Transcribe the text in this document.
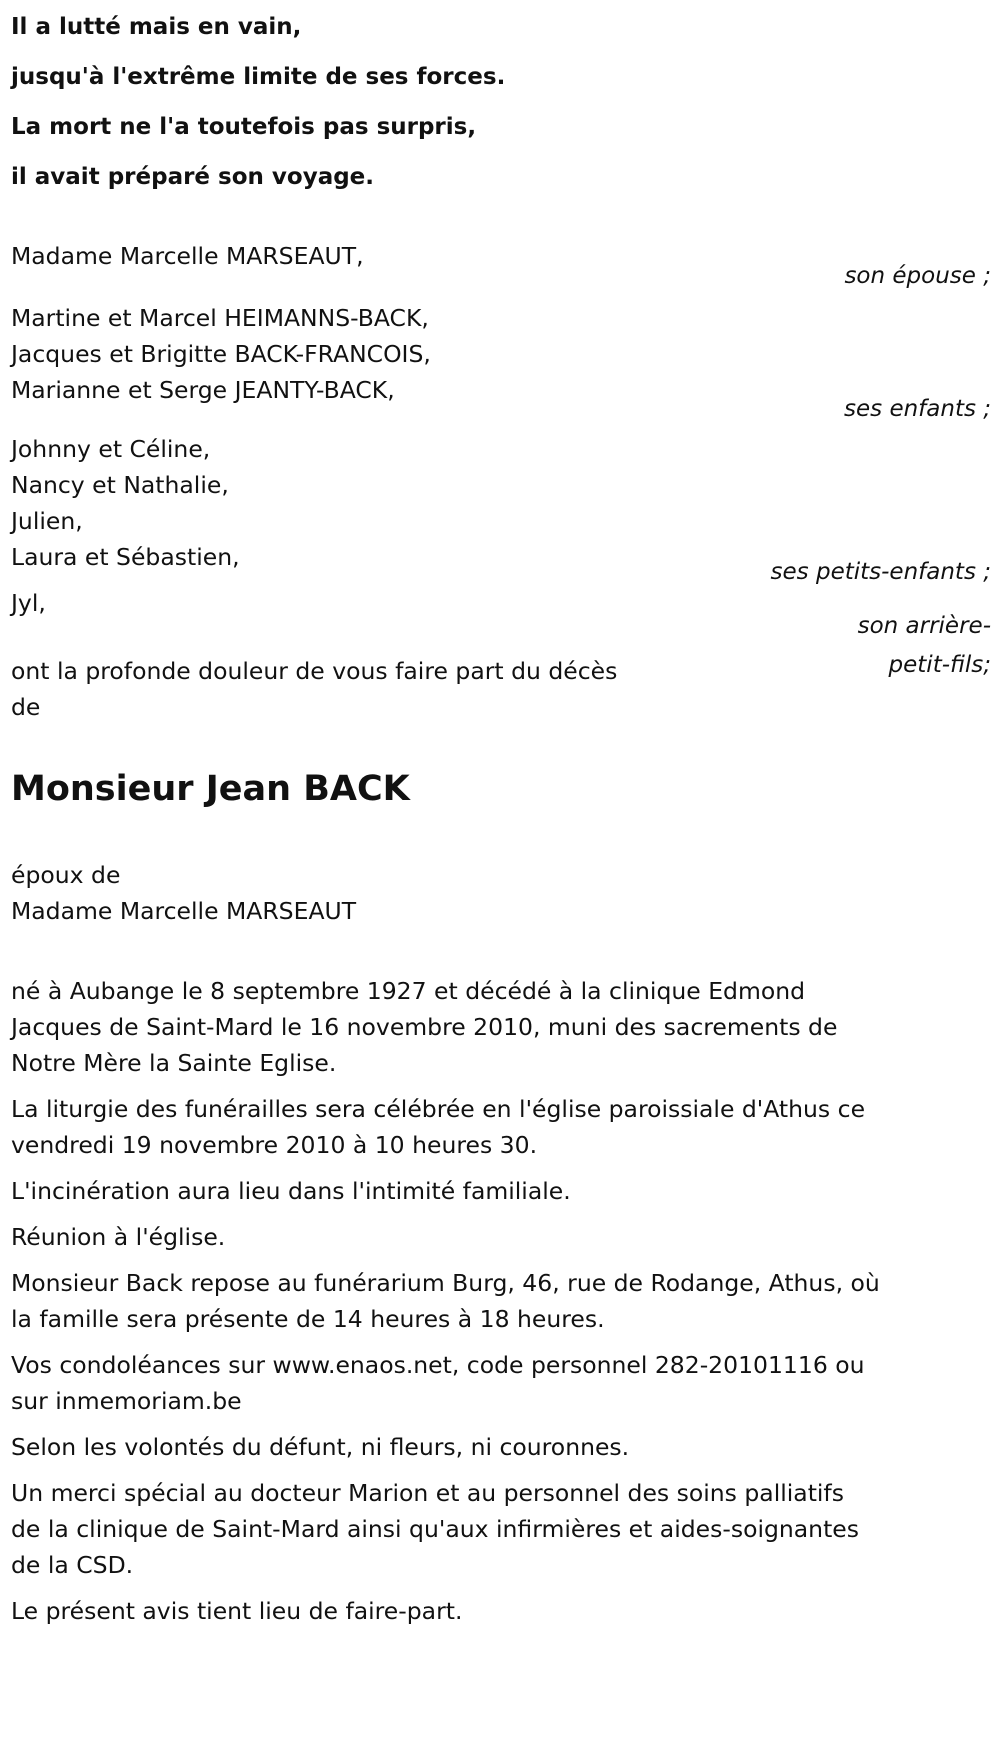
Il a lutté mais en vain,
jusqu'à l'extrême limite de ses forces.
La mort ne l'a toutefois pas surpris,
il avait préparé son voyage.
Madame Marcelle MARSEAUT,
son épouse ;
Martine et Marcel HEIMANNS-BACK,
Jacques et Brigitte BACK-FRANCOIS,
Marianne et Serge JEANTY-BACK,
ses enfants ;
Johnny et Céline,
Nancy et Nathalie,
Julien,
Laura et Sébastien,
ses petits-enfants ;
Jyl,
son arrière-
petit-fils;
ont la profonde douleur de vous faire part du décès
de
Monsieur Jean BACK
époux de
Madame Marcelle MARSEAUT
né à Aubange le 8 septembre 1927 et décédé à la clinique Edmond
Jacques de Saint-Mard le 16 novembre 2010, muni des sacrements de
Notre Mère la Sainte Eglise.
La liturgie des funérailles sera célébrée en l'église paroissiale d'Athus ce
vendredi 19 novembre 2010 à 10 heures 30.
L'incinération aura lieu dans l'intimité familiale.
Réunion à l'église.
Monsieur Back repose au funérarium Burg, 46, rue de Rodange, Athus, où
la famille sera présente de 14 heures à 18 heures.
Vos condoléances sur www.enaos.net, code personnel 282-20101116 ou
sur inmemoriam.be
Selon les volontés du défunt, ni fleurs, ni couronnes.
Un merci spécial au docteur Marion et au personnel des soins palliatifs
de la clinique de Saint-Mard ainsi qu'aux infirmières et aides-soignantes
de la CSD.
Le présent avis tient lieu de faire-part.
